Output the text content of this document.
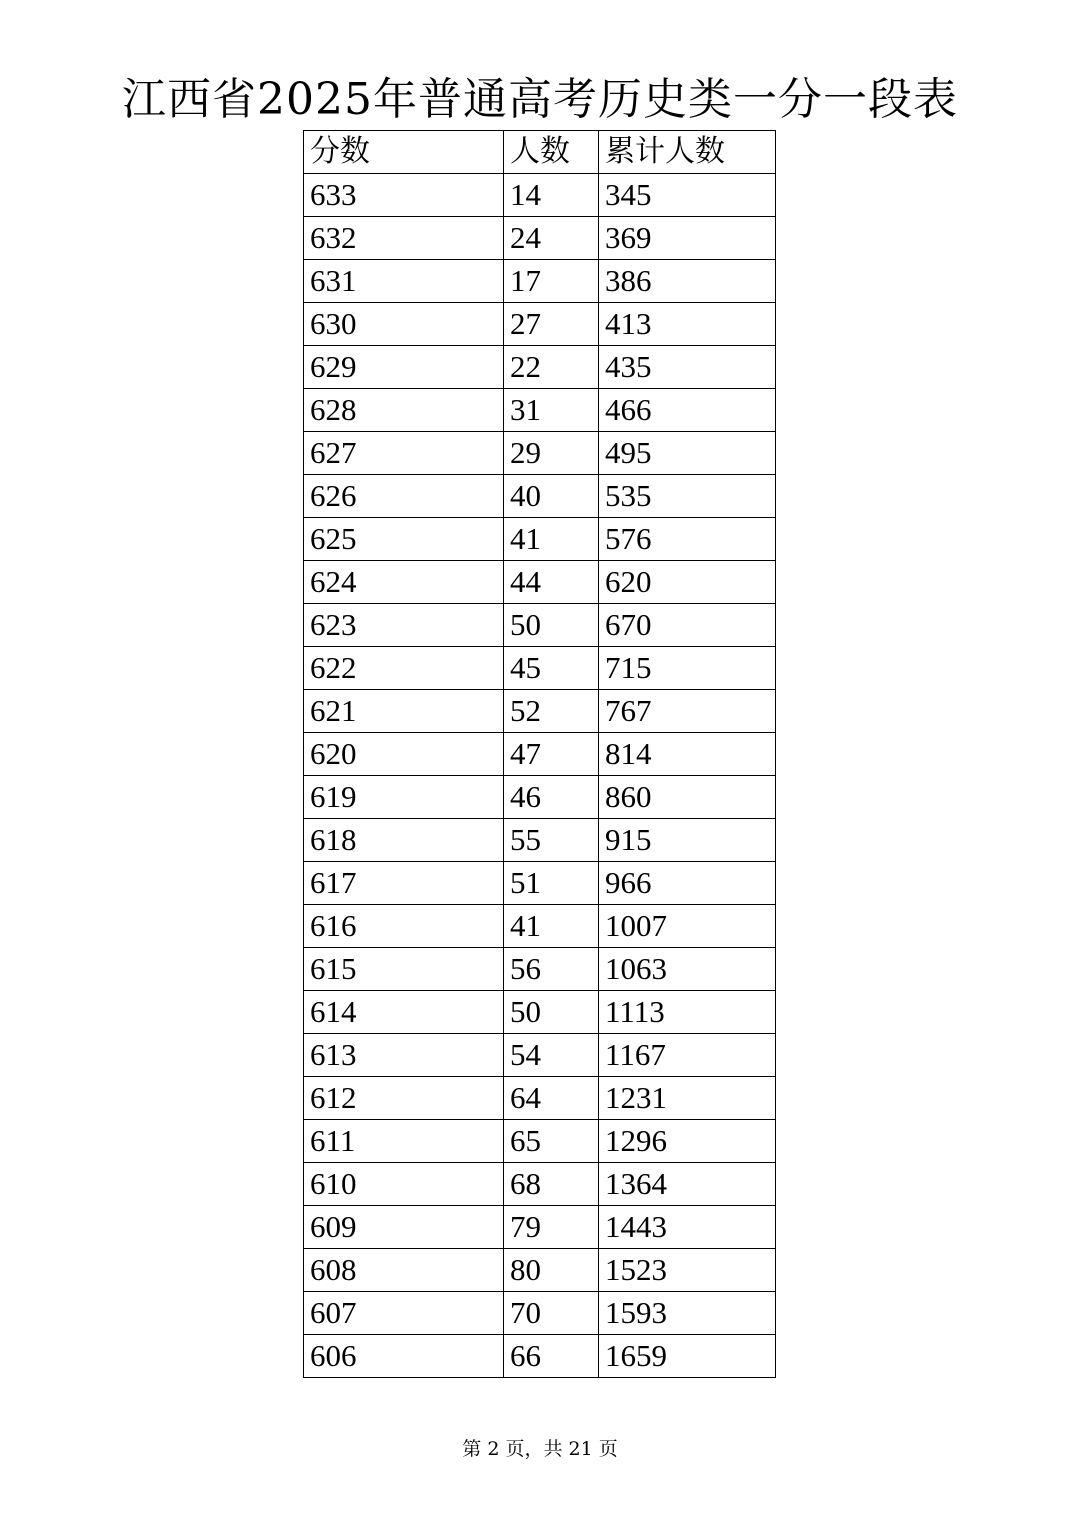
江西省2025年普通高考历史类一分一段表
分数	人数	累计人数
633	14	345
632	24	369
631	17	386
630	27	413
629	22	435
628	31	466
627	29	495
626	40	535
625	41	576
624	44	620
623	50	670
622	45	715
621	52	767
620	47	814
619	46	860
618	55	915
617	51	966
616	41	1007
615	56	1063
614	50	1113
613	54	1167
612	64	1231
611	65	1296
610	68	1364
609	79	1443
608	80	1523
607	70	1593
606	66	1659
第 2 页，共 21 页
